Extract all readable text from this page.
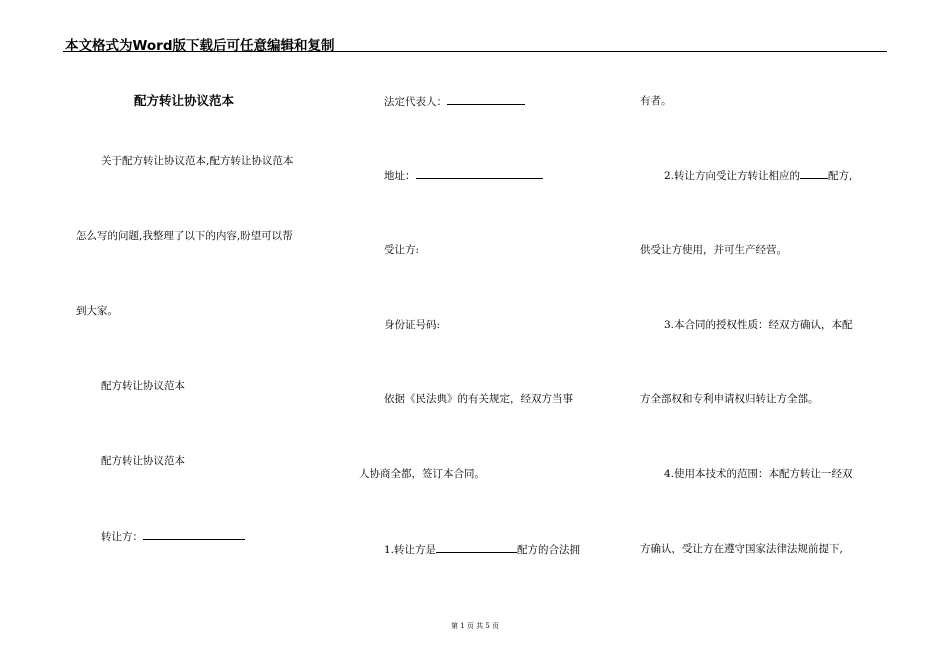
本文格式为Word版下载后可任意编辑和复制
配方转让协议范本
关于配方转让协议范本,配方转让协议范本
怎么写的问题,我整理了以下的内容,盼望可以帮
到大家。
配方转让协议范本
配方转让协议范本
转让方：
法定代表人：
地址：
受让方:
身份证号码:
依据《民法典》的有关规定，经双方当事
人协商全都，签订本合同。
1.转让方是	配方的合法拥
有者。
2.转让方向受让方转让相应的	配方,
供受让方使用，并可生产经营。
3.本合同的授权性质：经双方确认，本配
方全部权和专利申请权归转让方全部。
4.使用本技术的范围：本配方转让一经双
方确认，受让方在遵守国家法律法规前提下,
第 1 页 共 5 页
